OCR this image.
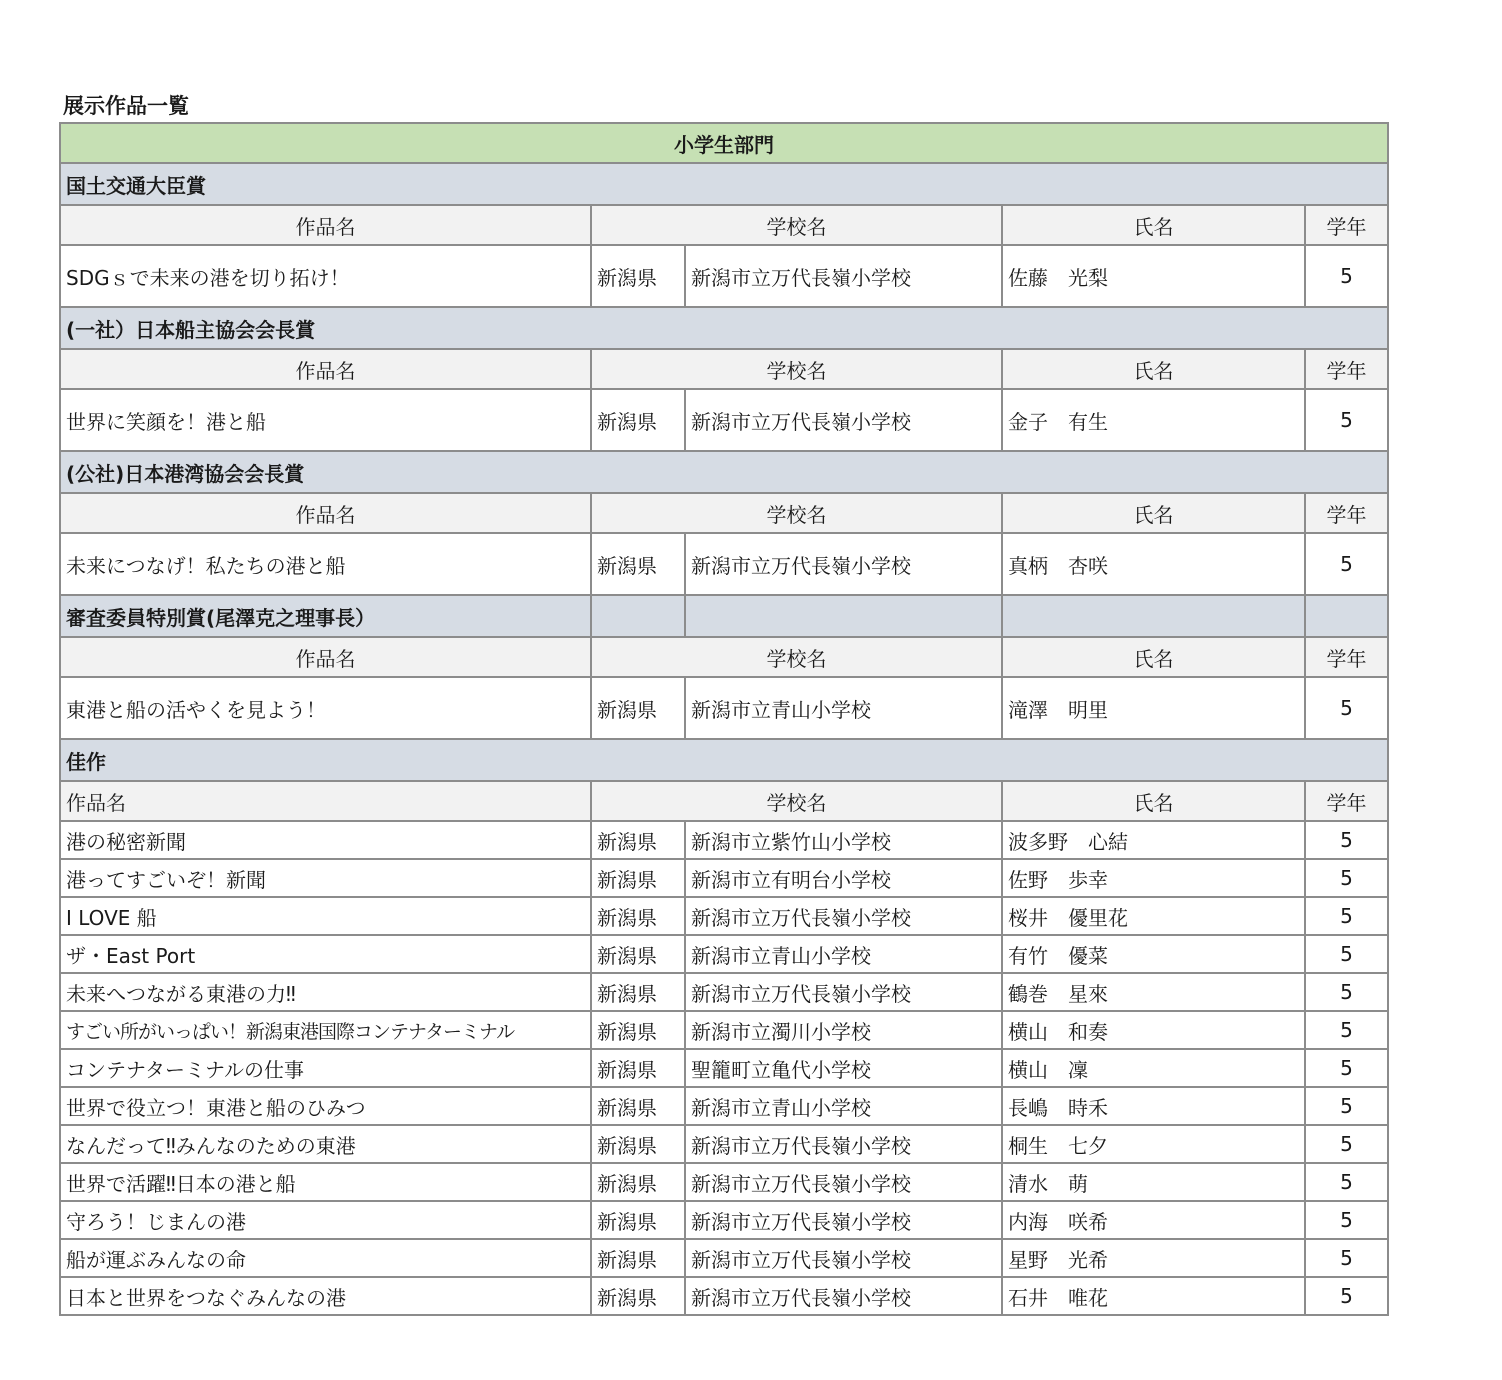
展示作品一覧
小学生部門				
国土交通大臣賞				
作品名	学校名		氏名	学年
SDGｓで未来の港を切り拓け！	新潟県	新潟市立万代長嶺小学校	佐藤　光梨	5
(一社）日本船主協会会長賞				
作品名	学校名		氏名	学年
世界に笑顔を！港と船	新潟県	新潟市立万代長嶺小学校	金子　有生	5
(公社)日本港湾協会会長賞				
作品名	学校名		氏名	学年
未来につなげ！私たちの港と船	新潟県	新潟市立万代長嶺小学校	真柄　杏咲	5
審査委員特別賞(尾澤克之理事長）				
作品名	学校名		氏名	学年
東港と船の活やくを見よう！	新潟県	新潟市立青山小学校	滝澤　明里	5
佳作				
作品名	学校名		氏名	学年
港の秘密新聞	新潟県	新潟市立紫竹山小学校	波多野　心結	5
港ってすごいぞ！新聞	新潟県	新潟市立有明台小学校	佐野　歩幸	5
I LOVE 船	新潟県	新潟市立万代長嶺小学校	桜井　優里花	5
ザ・East Port	新潟県	新潟市立青山小学校	有竹　優菜	5
未来へつながる東港の力‼	新潟県	新潟市立万代長嶺小学校	鶴巻　星來	5
すごい所がいっぱい！新潟東港国際コンテナターミナル	新潟県	新潟市立濁川小学校	横山　和奏	5
コンテナターミナルの仕事	新潟県	聖籠町立亀代小学校	横山　凜	5
世界で役立つ！東港と船のひみつ	新潟県	新潟市立青山小学校	長嶋　時禾	5
なんだって‼みんなのための東港	新潟県	新潟市立万代長嶺小学校	桐生　七夕	5
世界で活躍‼日本の港と船	新潟県	新潟市立万代長嶺小学校	清水　萌	5
守ろう！じまんの港	新潟県	新潟市立万代長嶺小学校	内海　咲希	5
船が運ぶみんなの命	新潟県	新潟市立万代長嶺小学校	星野　光希	5
日本と世界をつなぐみんなの港	新潟県	新潟市立万代長嶺小学校	石井　唯花	5
